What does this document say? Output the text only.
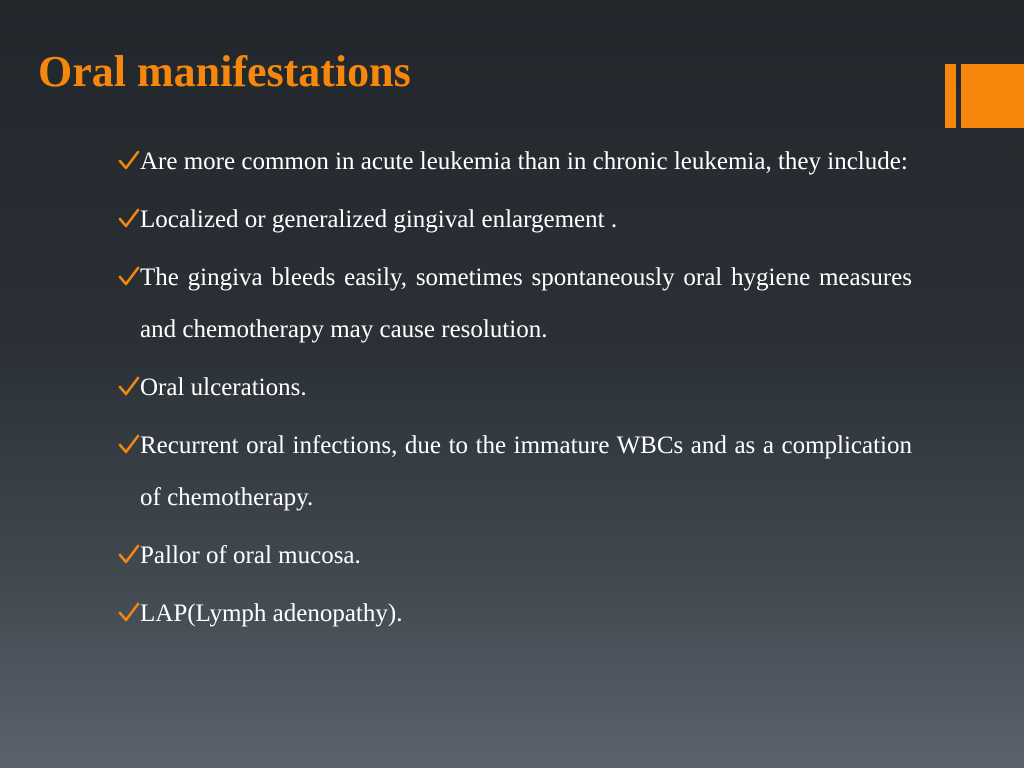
Oral manifestations

Are more common in acute leukemia than in chronic leukemia, they include:

Localized or generalized gingival enlargement .

The gingiva bleeds easily, sometimes spontaneously oral hygiene measures and chemotherapy may cause resolution.

Oral ulcerations.

Recurrent oral infections, due to the immature WBCs and as a complication of chemotherapy.

Pallor of oral mucosa.

LAP(Lymph adenopathy).
